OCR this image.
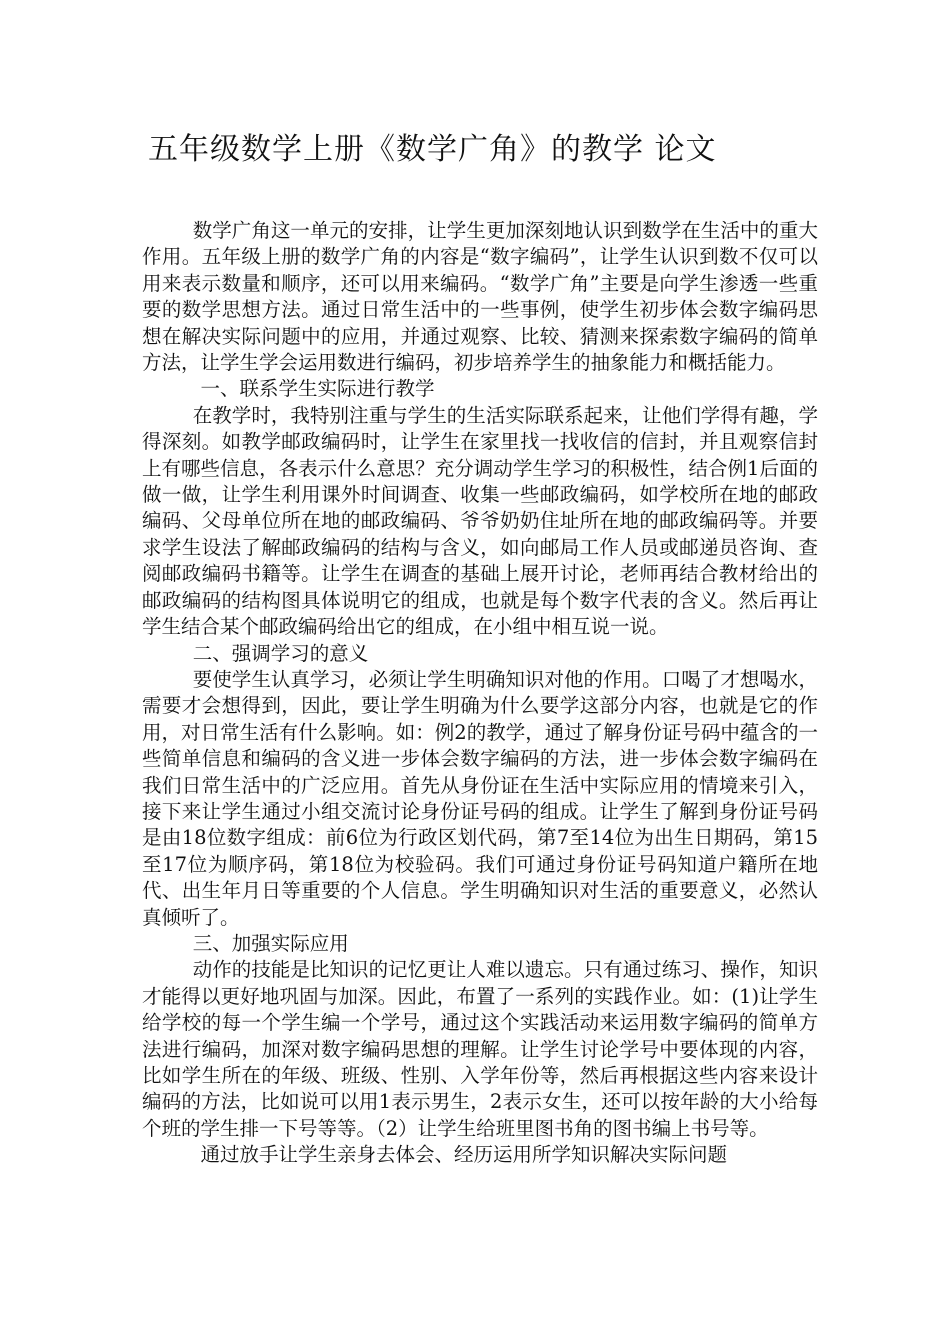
五年级数学上册《数学广角》的教学 论文

数学广角这一单元的安排，让学生更加深刻地认识到数学在生活中的重大作用。五年级上册的数学广角的内容是“数字编码”，让学生认识到数不仅可以用来表示数量和顺序，还可以用来编码。“数学广角”主要是向学生渗透一些重要的数学思想方法。通过日常生活中的一些事例，使学生初步体会数字编码思想在解决实际问题中的应用，并通过观察、比较、猜测来探索数字编码的简单方法，让学生学会运用数进行编码，初步培养学生的抽象能力和概括能力。

一、联系学生实际进行教学

在教学时，我特别注重与学生的生活实际联系起来，让他们学得有趣，学得深刻。如教学邮政编码时，让学生在家里找一找收信的信封，并且观察信封上有哪些信息，各表示什么意思？充分调动学生学习的积极性，结合例1后面的做一做，让学生利用课外时间调查、收集一些邮政编码，如学校所在地的邮政编码、父母单位所在地的邮政编码、爷爷奶奶住址所在地的邮政编码等。并要求学生设法了解邮政编码的结构与含义，如向邮局工作人员或邮递员咨询、查阅邮政编码书籍等。让学生在调查的基础上展开讨论，老师再结合教材给出的邮政编码的结构图具体说明它的组成，也就是每个数字代表的含义。然后再让学生结合某个邮政编码给出它的组成，在小组中相互说一说。

二、强调学习的意义

要使学生认真学习，必须让学生明确知识对他的作用。口喝了才想喝水，需要才会想得到，因此，要让学生明确为什么要学这部分内容，也就是它的作用，对日常生活有什么影响。如：例2的教学，通过了解身份证号码中蕴含的一些简单信息和编码的含义进一步体会数字编码的方法，进一步体会数字编码在我们日常生活中的广泛应用。首先从身份证在生活中实际应用的情境来引入，接下来让学生通过小组交流讨论身份证号码的组成。让学生了解到身份证号码是由18位数字组成：前6位为行政区划代码，第7至14位为出生日期码，第15至17位为顺序码，第18位为校验码。我们可通过身份证号码知道户籍所在地代、出生年月日等重要的个人信息。学生明确知识对生活的重要意义，必然认真倾听了。

三、加强实际应用

动作的技能是比知识的记忆更让人难以遗忘。只有通过练习、操作，知识才能得以更好地巩固与加深。因此，布置了一系列的实践作业。如：(1)让学生给学校的每一个学生编一个学号，通过这个实践活动来运用数字编码的简单方法进行编码，加深对数字编码思想的理解。让学生讨论学号中要体现的内容，比如学生所在的年级、班级、性别、入学年份等，然后再根据这些内容来设计编码的方法，比如说可以用1表示男生，2表示女生，还可以按年龄的大小给每个班的学生排一下号等等。（2）让学生给班里图书角的图书编上书号等。

通过放手让学生亲身去体会、经历运用所学知识解决实际问题
